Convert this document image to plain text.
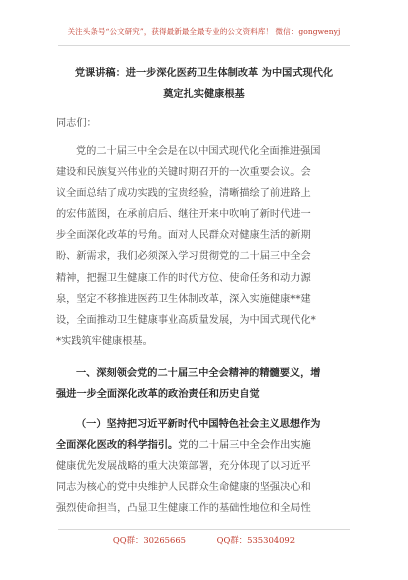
关注头条号“公文研究”，获得最新最全最专业的公文资料库！ 微信：gongwenyj
党课讲稿：进一步深化医药卫生体制改革 为中国式现代化
奠定扎实健康根基
同志们：
党的二十届三中全会是在以中国式现代化全面推进强国
建设和民族复兴伟业的关键时期召开的一次重要会议。会
议全面总结了成功实践的宝贵经验，清晰描绘了前进路上
的宏伟蓝图，在承前启后、继往开来中吹响了新时代进一
步全面深化改革的号角。面对人民群众对健康生活的新期
盼、新需求，我们必须深入学习贯彻党的二十届三中全会
精神，把握卫生健康工作的时代方位、使命任务和动力源
泉，坚定不移推进医药卫生体制改革，深入实施健康**建
设，全面推动卫生健康事业高质量发展，为中国式现代化*
*实践筑牢健康根基。
一、深刻领会党的二十届三中全会精神的精髓要义，增
强进一步全面深化改革的政治责任和历史自觉
（一）坚持把习近平新时代中国特色社会主义思想作为
全面深化医改的科学指引。党的二十届三中全会作出实施
健康优先发展战略的重大决策部署，充分体现了以习近平
同志为核心的党中央维护人民群众生命健康的坚强决心和
强烈使命担当，凸显卫生健康工作的基础性地位和全局性
QQ群：30265665	QQ群：535304092
